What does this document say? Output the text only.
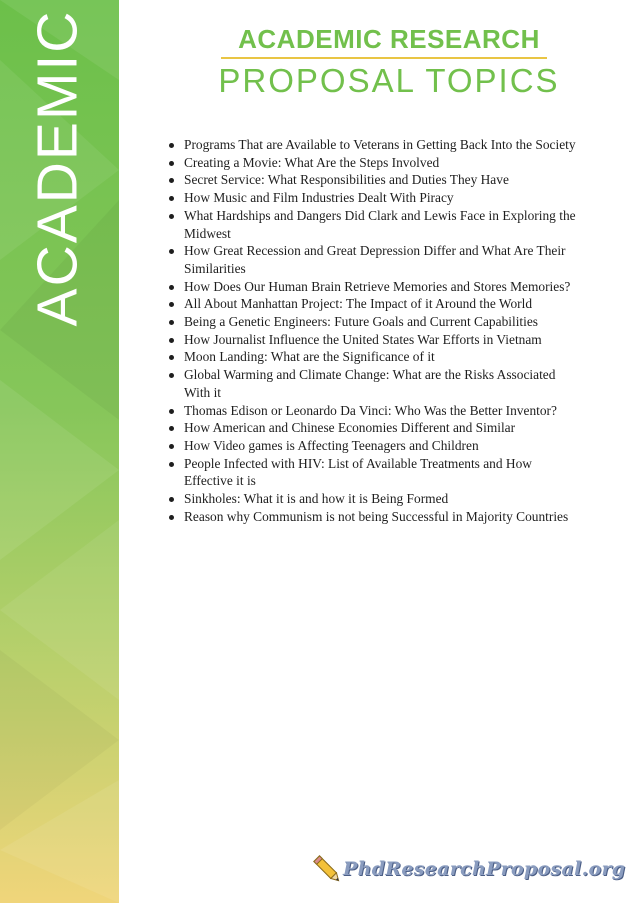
ACADEMIC	ACADEMIC RESEARCH
PROPOSAL TOPICS
Programs That are Available to Veterans in Getting Back Into the Society
Creating a Movie: What Are the Steps Involved
Secret Service: What Responsibilities and Duties They Have
How Music and Film Industries Dealt With Piracy
What Hardships and Dangers Did Clark and Lewis Face in Exploring the Midwest
How Great Recession and Great Depression Differ and What Are Their Similarities
How Does Our Human Brain Retrieve Memories and Stores Memories?
All About Manhattan Project: The Impact of it Around the World
Being a Genetic Engineers: Future Goals and Current Capabilities
How Journalist Influence the United States War Efforts in Vietnam
Moon Landing: What are the Significance of it
Global Warming and Climate Change: What are the Risks Associated With it
Thomas Edison or Leonardo Da Vinci: Who Was the Better Inventor?
How American and Chinese Economies Different and Similar
How Video games is Affecting Teenagers and Children
People Infected with HIV: List of Available Treatments and How Effective it is
Sinkholes: What it is and how it is Being Formed
Reason why Communism is not being Successful in Majority Countries
PhdResearchProposal.org
